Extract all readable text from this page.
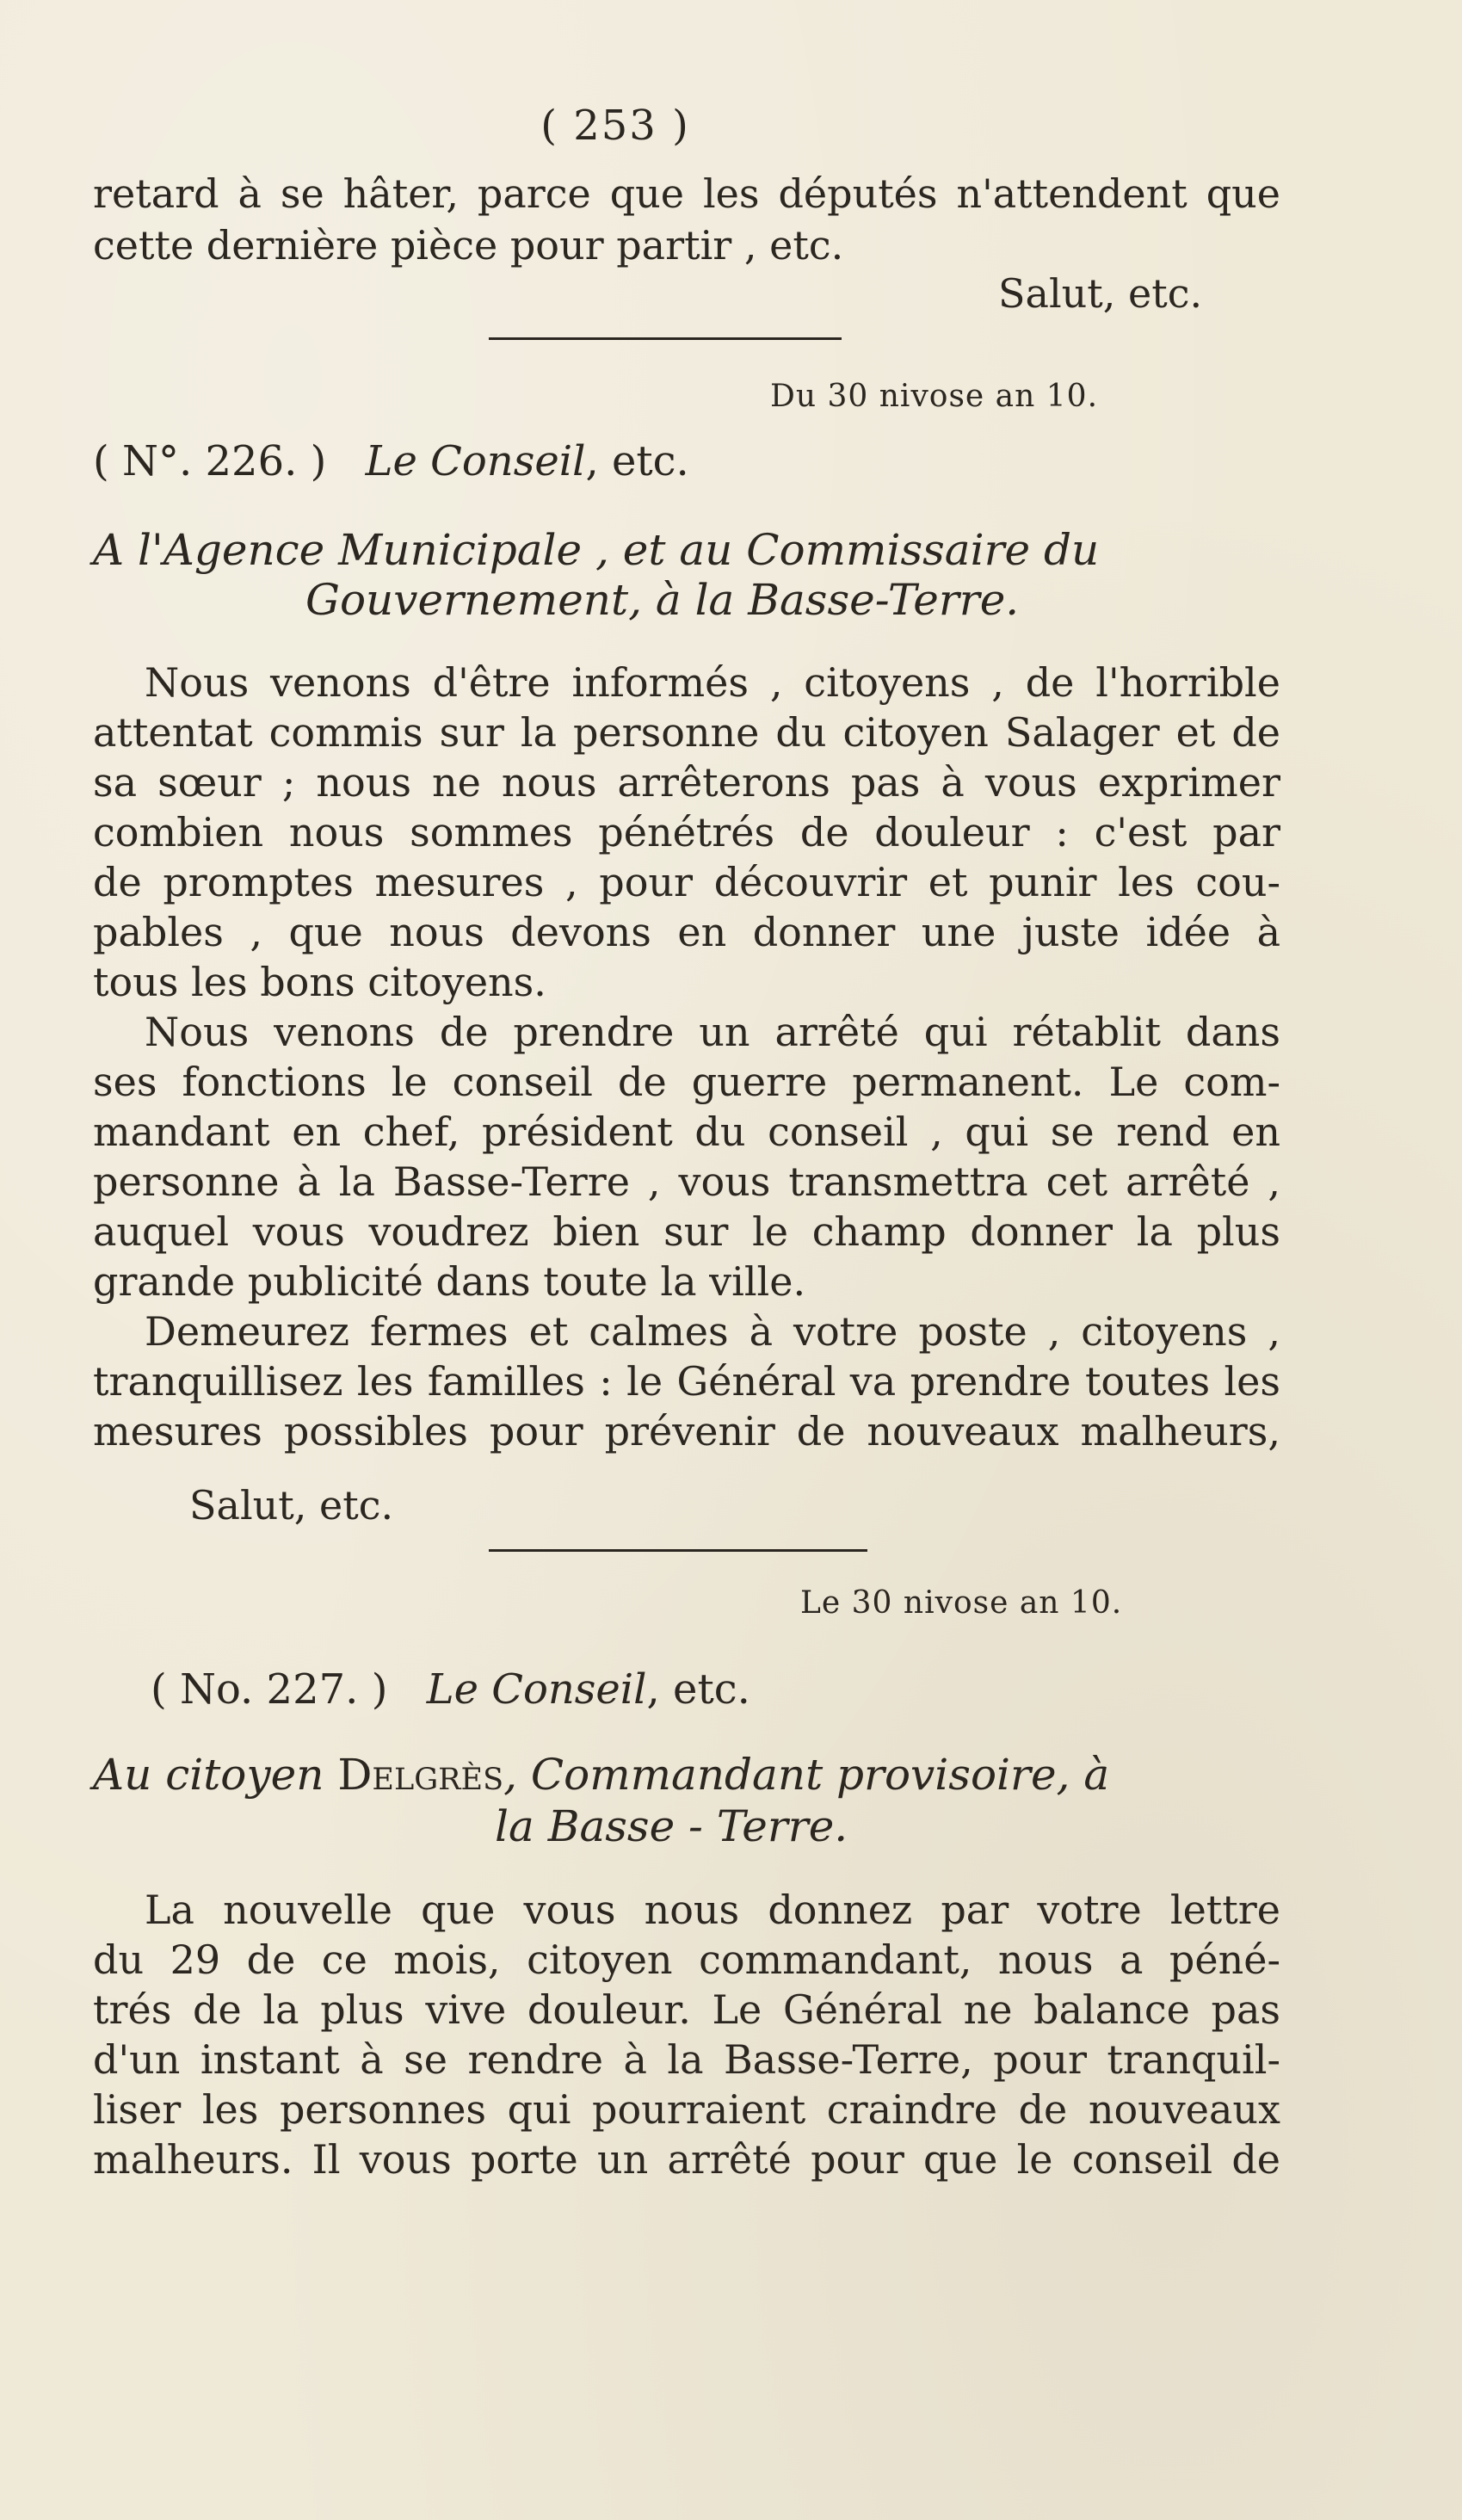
( 253 )
retard à se hâter, parce que les députés n'attendent que
cette dernière pièce pour partir , etc.
Salut, etc.
Du 30 nivose an 10.
( N°. 226. ) Le Conseil, etc.
A l'Agence Municipale , et au Commissaire du
Gouvernement, à la Basse-Terre.
Nous venons d'être informés , citoyens , de l'horrible
attentat commis sur la personne du citoyen Salager et de
sa sœur ; nous ne nous arrêterons pas à vous exprimer
combien nous sommes pénétrés de douleur : c'est par
de promptes mesures , pour découvrir et punir les cou-
pables , que nous devons en donner une juste idée à
tous les bons citoyens.
Nous venons de prendre un arrêté qui rétablit dans
ses fonctions le conseil de guerre permanent. Le com-
mandant en chef, président du conseil , qui se rend en
personne à la Basse-Terre , vous transmettra cet arrêté ,
auquel vous voudrez bien sur le champ donner la plus
grande publicité dans toute la ville.
Demeurez fermes et calmes à votre poste , citoyens ,
tranquillisez les familles : le Général va prendre toutes les
mesures possibles pour prévenir de nouveaux malheurs,
Salut, etc.
Le 30 nivose an 10.
( No. 227. ) Le Conseil, etc.
Au citoyen Delgrès, Commandant provisoire, à
la Basse - Terre.
La nouvelle que vous nous donnez par votre lettre
du 29 de ce mois, citoyen commandant, nous a péné-
trés de la plus vive douleur. Le Général ne balance pas
d'un instant à se rendre à la Basse-Terre, pour tranquil-
liser les personnes qui pourraient craindre de nouveaux
malheurs. Il vous porte un arrêté pour que le conseil de
